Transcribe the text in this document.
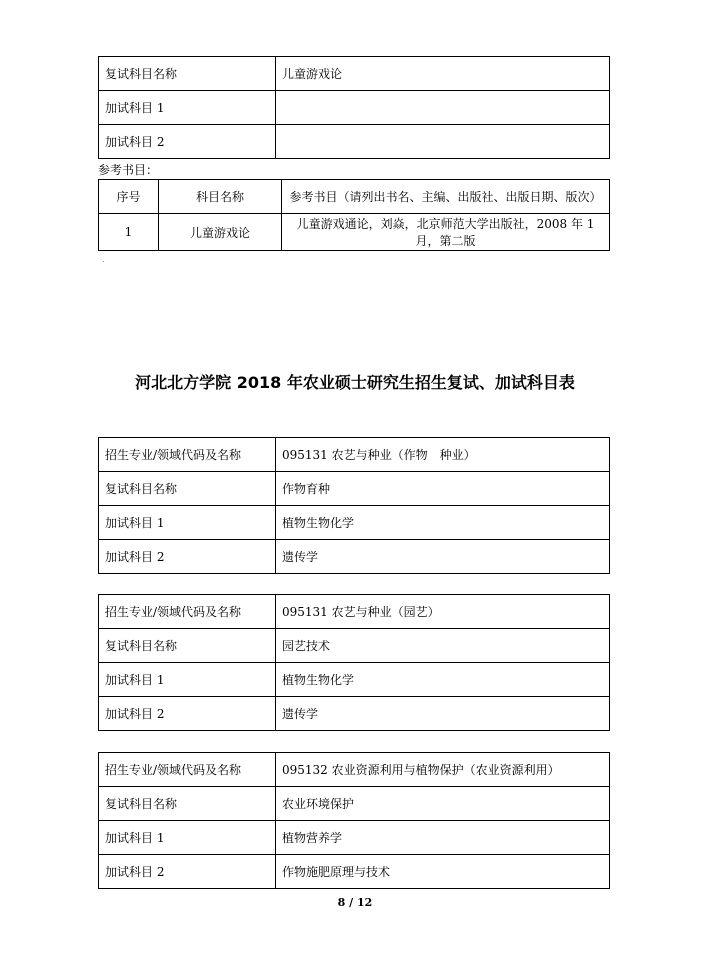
复试科目名称	儿童游戏论
加试科目 1	
加试科目 2	
参考书目：
序号	科目名称	参考书目（请列出书名、主编、出版社、出版日期、版次）
1	儿童游戏论	儿童游戏通论，刘焱，北京师范大学出版社，2008 年 1 月，第二版
河北北方学院 2018 年农业硕士研究生招生复试、加试科目表
招生专业/领域代码及名称	095131 农艺与种业（作物　种业）
复试科目名称	作物育种
加试科目 1	植物生物化学
加试科目 2	遗传学
招生专业/领域代码及名称	095131 农艺与种业（园艺）
复试科目名称	园艺技术
加试科目 1	植物生物化学
加试科目 2	遗传学
招生专业/领域代码及名称	095132 农业资源利用与植物保护（农业资源利用）
复试科目名称	农业环境保护
加试科目 1	植物营养学
加试科目 2	作物施肥原理与技术
8 / 12
